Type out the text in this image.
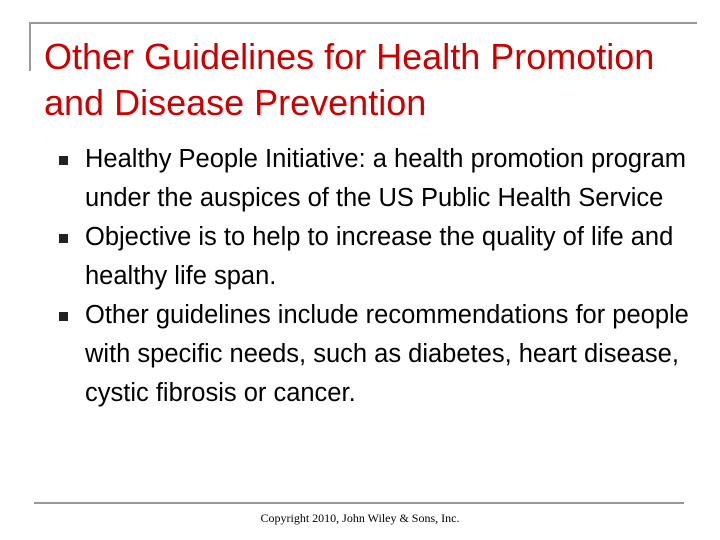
Other Guidelines for Health Promotion and Disease Prevention
Healthy People Initiative: a health promotion program under the auspices of the US Public Health Service
Objective is to help to increase the quality of life and healthy life span.
Other guidelines include recommendations for people with specific needs, such as diabetes, heart disease, cystic fibrosis or cancer.
Copyright 2010, John Wiley & Sons, Inc.
